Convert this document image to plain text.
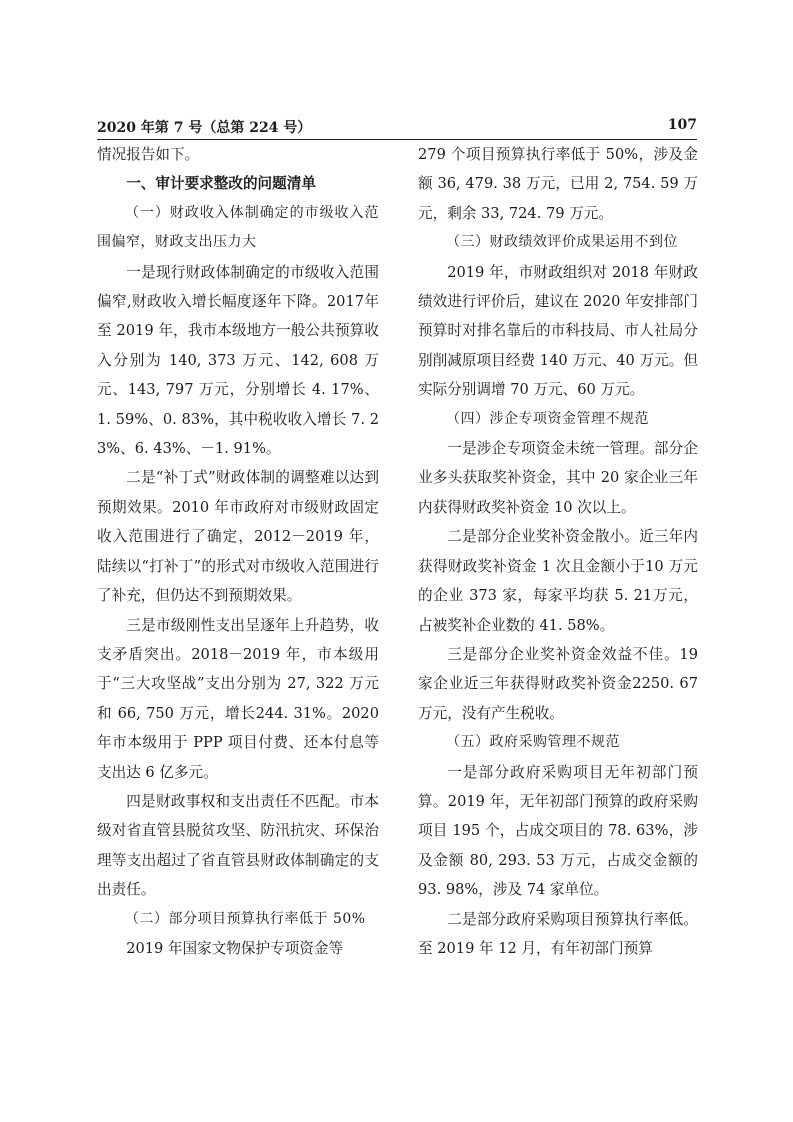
2020 年第 7 号（总第 224 号）	107

情况报告如下。

一、审计要求整改的问题清单

（一）财政收入体制确定的市级收入范围偏窄，财政支出压力大

一是现行财政体制确定的市级收入范围偏窄,财政收入增长幅度逐年下降。2017年至 2019 年，我市本级地方一般公共预算收入分别为 140, 373 万元、142, 608 万元、143, 797 万元，分别增长 4. 17%、1. 59%、0. 83%，其中税收收入增长 7. 23%、6. 43%、－1. 91%。

二是“补丁式”财政体制的调整难以达到预期效果。2010 年市政府对市级财政固定收入范围进行了确定，2012－2019 年，陆续以“打补丁”的形式对市级收入范围进行了补充，但仍达不到预期效果。

三是市级刚性支出呈逐年上升趋势，收支矛盾突出。2018－2019 年，市本级用于“三大攻坚战”支出分别为 27, 322 万元和 66, 750 万元，增长244. 31%。2020 年市本级用于 PPP 项目付费、还本付息等支出达 6 亿多元。

四是财政事权和支出责任不匹配。市本级对省直管县脱贫攻坚、防汛抗灾、环保治理等支出超过了省直管县财政体制确定的支出责任。

（二）部分项目预算执行率低于 50%

2019 年国家文物保护专项资金等

279 个项目预算执行率低于 50%，涉及金额 36, 479. 38 万元，已用 2, 754. 59 万元，剩余 33, 724. 79 万元。

（三）财政绩效评价成果运用不到位

2019 年，市财政组织对 2018 年财政绩效进行评价后，建议在 2020 年安排部门预算时对排名靠后的市科技局、市人社局分别削减原项目经费 140 万元、40 万元。但实际分别调增 70 万元、60 万元。

（四）涉企专项资金管理不规范

一是涉企专项资金未统一管理。部分企业多头获取奖补资金，其中 20 家企业三年内获得财政奖补资金 10 次以上。

二是部分企业奖补资金散小。近三年内获得财政奖补资金 1 次且金额小于10 万元的企业 373 家，每家平均获 5. 21万元，占被奖补企业数的 41. 58%。

三是部分企业奖补资金效益不佳。19 家企业近三年获得财政奖补资金2250. 67 万元，没有产生税收。

（五）政府采购管理不规范

一是部分政府采购项目无年初部门预算。2019 年，无年初部门预算的政府采购项目 195 个，占成交项目的 78. 63%，涉及金额 80, 293. 53 万元，占成交金额的 93. 98%，涉及 74 家单位。

二是部分政府采购项目预算执行率低。至 2019 年 12 月，有年初部门预算
